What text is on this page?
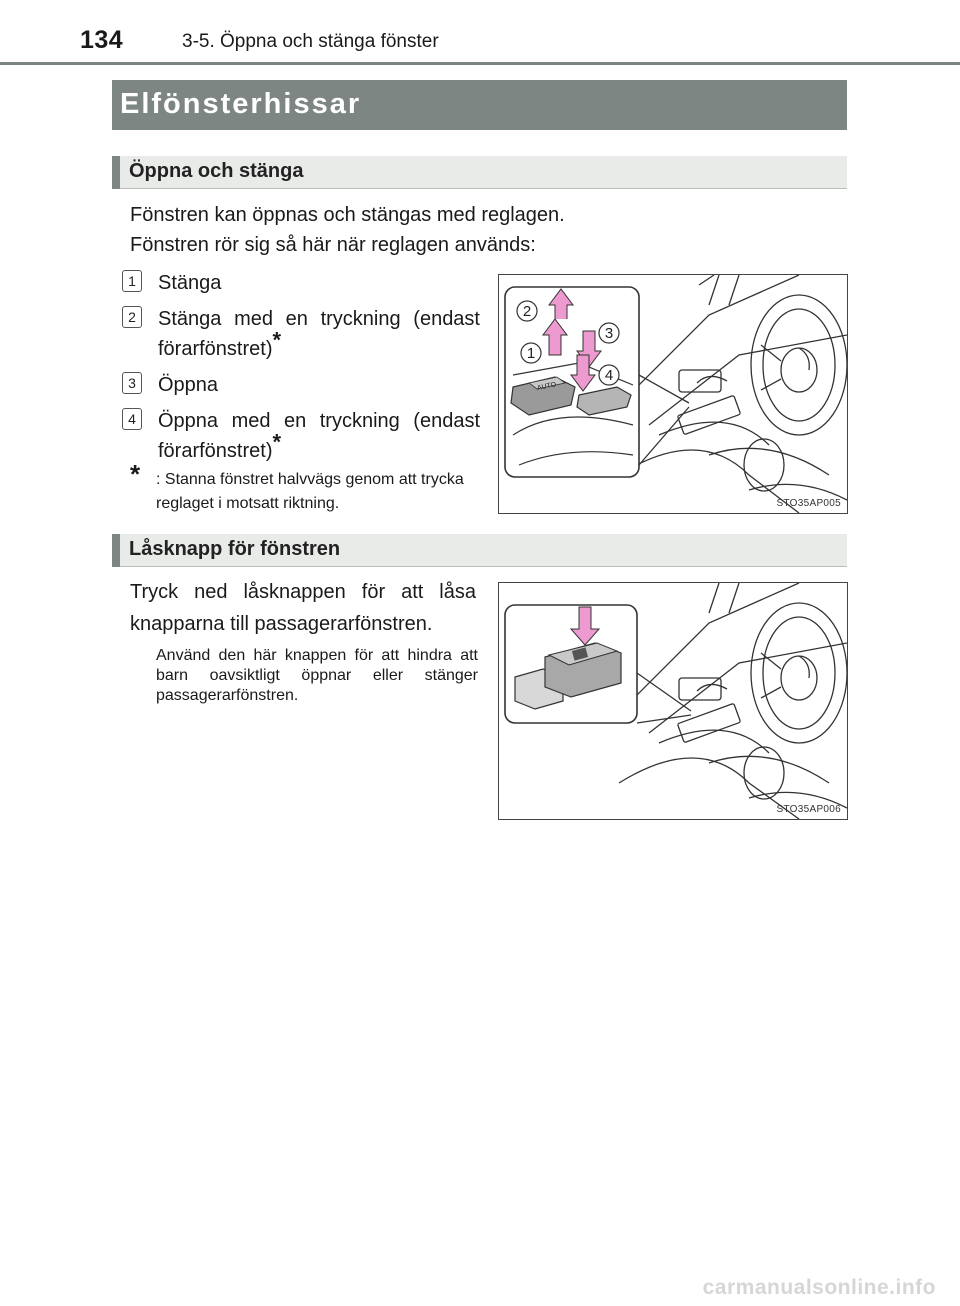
134	3-5. Öppna och stänga fönster
Elfönsterhissar
Öppna och stänga
Fönstren kan öppnas och stängas med reglagen.
Fönstren rör sig så här när reglagen används:
1	Stänga
2	Stänga med en tryckning (endast förarfönstret)*
3	Öppna
4	Öppna med en tryckning (endast förarfönstret)*
* : Stanna fönstret halvvägs genom att trycka reglaget i motsatt riktning.
AUTO
2
3
1
4
STO35AP005
Låsknapp för fönstren
Tryck ned låsknappen för att låsa knapparna till passagerarfönstren.
Använd den här knappen för att hindra att barn oavsiktligt öppnar eller stänger passagerarfönstren.
STO35AP006
carmanualsonline.info
